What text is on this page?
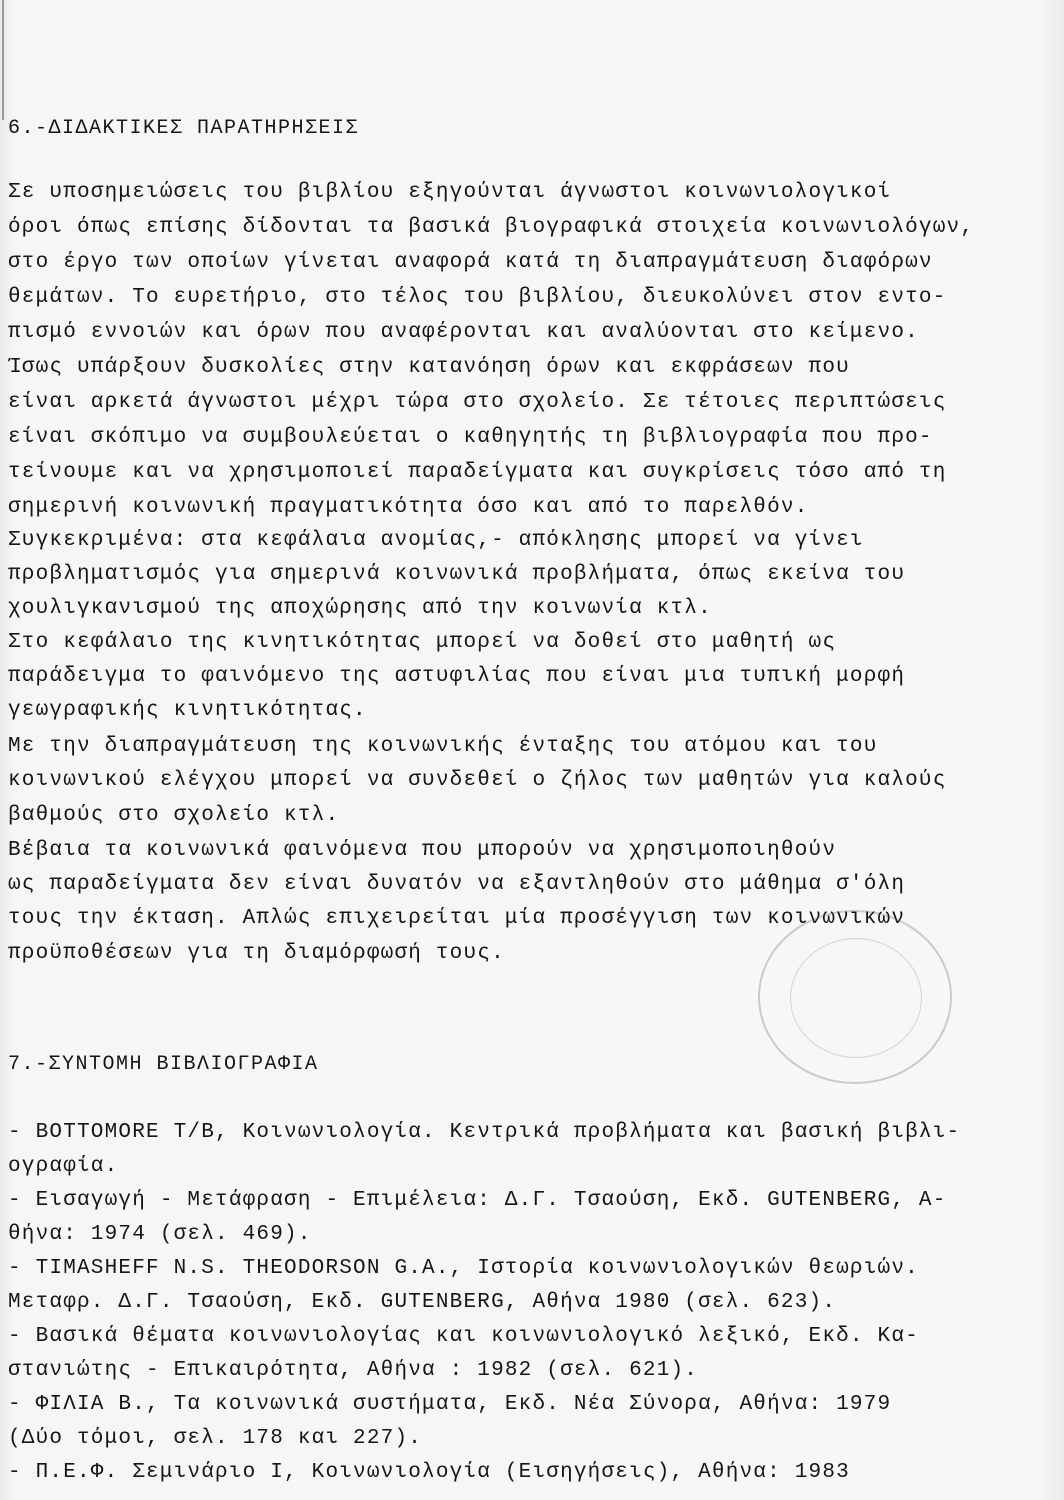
6.-ΔΙΔΑΚΤΙΚΕΣ ΠΑΡΑΤΗΡΗΣΕΙΣ
Σε υποσημειώσεις του βιβλίου εξηγούνται άγνωστοι κοινωνιολογικοί
όροι όπως επίσης δίδονται τα βασικά βιογραφικά στοιχεία κοινωνιολόγων,
στο έργο των οποίων γίνεται αναφορά κατά τη διαπραγμάτευση διαφόρων
θεμάτων. Το ευρετήριο, στο τέλος του βιβλίου, διευκολύνει στον εντο-
πισμό εννοιών και όρων που αναφέρονται και αναλύονται στο κείμενο.
Ίσως υπάρξουν δυσκολίες στην κατανόηση όρων και εκφράσεων που
είναι αρκετά άγνωστοι μέχρι τώρα στο σχολείο. Σε τέτοιες περιπτώσεις
είναι σκόπιμο να συμβουλεύεται ο καθηγητής τη βιβλιογραφία που προ-
τείνουμε και να χρησιμοποιεί παραδείγματα και συγκρίσεις τόσο από τη
σημερινή κοινωνική πραγματικότητα όσο και από το παρελθόν.
Συγκεκριμένα: στα κεφάλαια ανομίας,- απόκλησης μπορεί να γίνει
προβληματισμός για σημερινά κοινωνικά προβλήματα, όπως εκείνα του
χουλιγκανισμού της αποχώρησης από την κοινωνία κτλ.
Στο κεφάλαιο της κινητικότητας μπορεί να δοθεί στο μαθητή ως
παράδειγμα το φαινόμενο της αστυφιλίας που είναι μια τυπική μορφή
γεωγραφικής κινητικότητας.
Με την διαπραγμάτευση της κοινωνικής ένταξης του ατόμου και του
κοινωνικού ελέγχου μπορεί να συνδεθεί ο ζήλος των μαθητών για καλούς
βαθμούς στο σχολείο κτλ.
Βέβαια τα κοινωνικά φαινόμενα που μπορούν να χρησιμοποιηθούν
ως παραδείγματα δεν είναι δυνατόν να εξαντληθούν στο μάθημα σ'όλη
τους την έκταση. Απλώς επιχειρείται μία προσέγγιση των κοινωνικών
προϋποθέσεων για τη διαμόρφωσή τους.
7.-ΣΥΝΤΟΜΗ ΒΙΒΛΙΟΓΡΑΦΙΑ
- BOTTOMORE T/B, Κοινωνιολογία. Κεντρικά προβλήματα και βασική βιβλι-
ογραφία.
- Εισαγωγή - Μετάφραση - Επιμέλεια: Δ.Γ. Τσαούση, Εκδ. GUTENBERG, Α-
θήνα: 1974 (σελ. 469).
- TIMASHEFF N.S. THEODORSON G.A., Ιστορία κοινωνιολογικών θεωριών.
Μεταφρ. Δ.Γ. Τσαούση, Εκδ. GUTENBERG, Αθήνα 1980 (σελ. 623).
- Βασικά θέματα κοινωνιολογίας και κοινωνιολογικό λεξικό, Εκδ. Κα-
στανιώτης - Επικαιρότητα, Αθήνα : 1982 (σελ. 621).
- ΦΙΛΙΑ Β., Τα κοινωνικά συστήματα, Εκδ. Νέα Σύνορα, Αθήνα: 1979
(Δύο τόμοι, σελ. 178 και 227).
- Π.Ε.Φ. Σεμινάριο Ι, Κοινωνιολογία (Εισηγήσεις), Αθήνα: 1983
